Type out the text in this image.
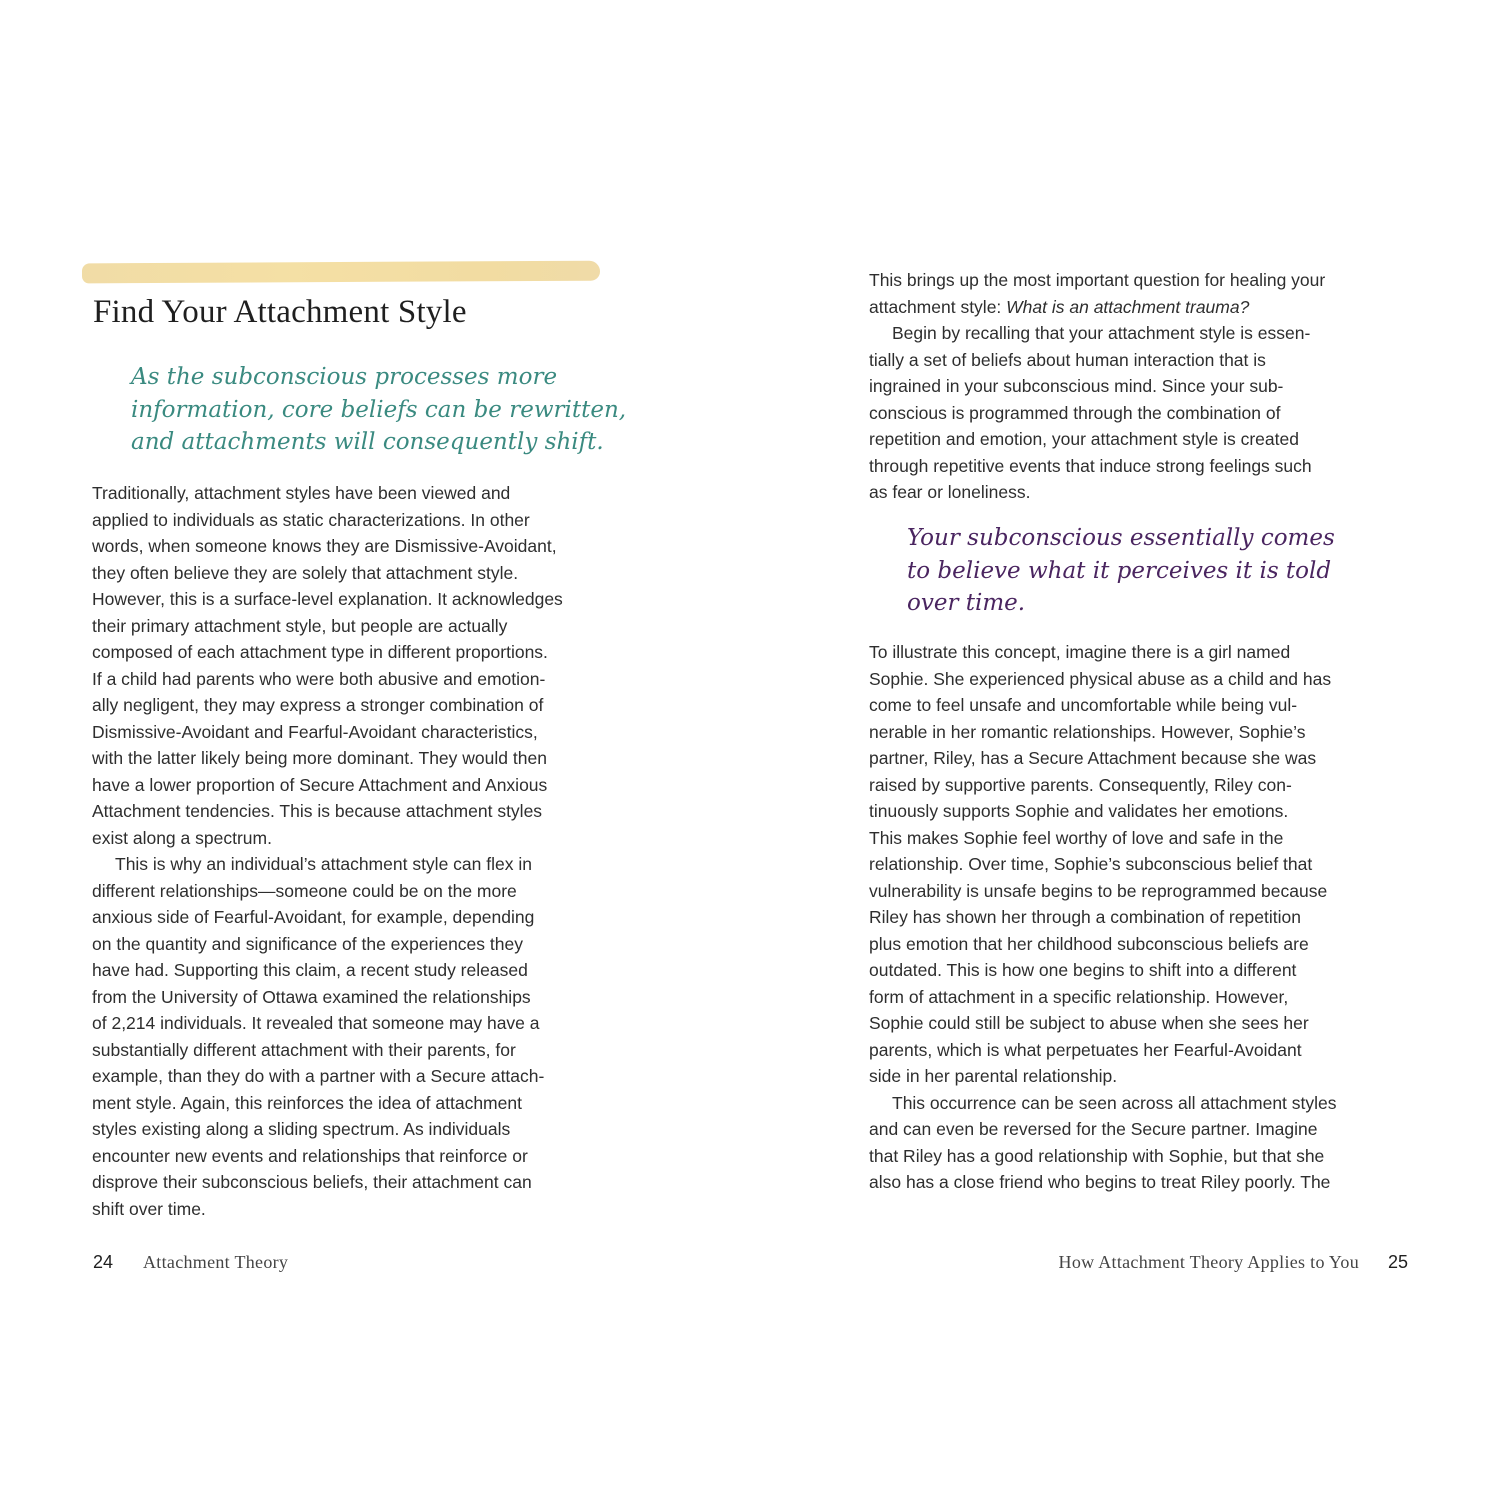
Find Your Attachment Style
As the subconscious processes more
information, core beliefs can be rewritten,
and attachments will consequently shift.
Traditionally, attachment styles have been viewed and
applied to individuals as static characterizations. In other
words, when someone knows they are Dismissive-Avoidant,
they often believe they are solely that attachment style.
However, this is a surface-level explanation. It acknowledges
their primary attachment style, but people are actually
composed of each attachment type in different proportions.
If a child had parents who were both abusive and emotion-
ally negligent, they may express a stronger combination of
Dismissive-Avoidant and Fearful-Avoidant characteristics,
with the latter likely being more dominant. They would then
have a lower proportion of Secure Attachment and Anxious
Attachment tendencies. This is because attachment styles
exist along a spectrum.
This is why an individual’s attachment style can flex in
different relationships—someone could be on the more
anxious side of Fearful-Avoidant, for example, depending
on the quantity and significance of the experiences they
have had. Supporting this claim, a recent study released
from the University of Ottawa examined the relationships
of 2,214 individuals. It revealed that someone may have a
substantially different attachment with their parents, for
example, than they do with a partner with a Secure attach-
ment style. Again, this reinforces the idea of attachment
styles existing along a sliding spectrum. As individuals
encounter new events and relationships that reinforce or
disprove their subconscious beliefs, their attachment can
shift over time.
This brings up the most important question for healing your
attachment style: What is an attachment trauma?
Begin by recalling that your attachment style is essen-
tially a set of beliefs about human interaction that is
ingrained in your subconscious mind. Since your sub-
conscious is programmed through the combination of
repetition and emotion, your attachment style is created
through repetitive events that induce strong feelings such
as fear or loneliness.
Your subconscious essentially comes
to believe what it perceives it is told
over time.
To illustrate this concept, imagine there is a girl named
Sophie. She experienced physical abuse as a child and has
come to feel unsafe and uncomfortable while being vul-
nerable in her romantic relationships. However, Sophie’s
partner, Riley, has a Secure Attachment because she was
raised by supportive parents. Consequently, Riley con-
tinuously supports Sophie and validates her emotions.
This makes Sophie feel worthy of love and safe in the
relationship. Over time, Sophie’s subconscious belief that
vulnerability is unsafe begins to be reprogrammed because
Riley has shown her through a combination of repetition
plus emotion that her childhood subconscious beliefs are
outdated. This is how one begins to shift into a different
form of attachment in a specific relationship. However,
Sophie could still be subject to abuse when she sees her
parents, which is what perpetuates her Fearful-Avoidant
side in her parental relationship.
This occurrence can be seen across all attachment styles
and can even be reversed for the Secure partner. Imagine
that Riley has a good relationship with Sophie, but that she
also has a close friend who begins to treat Riley poorly. The
24 Attachment Theory	How Attachment Theory Applies to You 25
